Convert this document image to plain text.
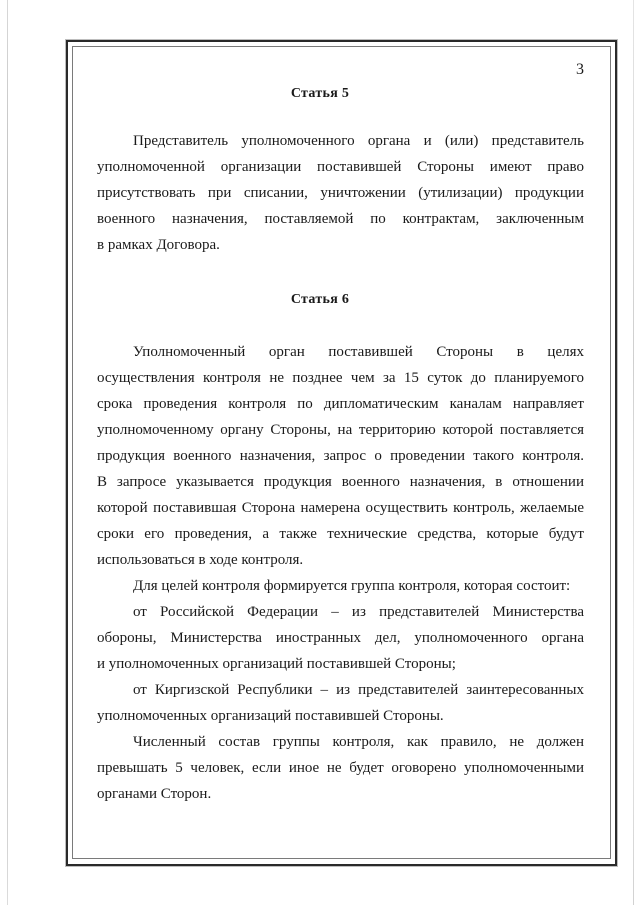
3
Статья 5
Представитель уполномоченного органа и (или) представитель
уполномоченной организации поставившей Стороны имеют право
присутствовать при списании, уничтожении (утилизации) продукции
военного назначения, поставляемой по контрактам, заключенным
в рамках Договора.
Статья 6
Уполномоченный орган поставившей Стороны в целях
осуществления контроля не позднее чем за 15 суток до планируемого
срока проведения контроля по дипломатическим каналам направляет
уполномоченному органу Стороны, на территорию которой поставляется
продукция военного назначения, запрос о проведении такого контроля.
В запросе указывается продукция военного назначения, в отношении
которой поставившая Сторона намерена осуществить контроль, желаемые
сроки его проведения, а также технические средства, которые будут
использоваться в ходе контроля.
Для целей контроля формируется группа контроля, которая состоит:
от Российской Федерации – из представителей Министерства
обороны, Министерства иностранных дел, уполномоченного органа
и уполномоченных организаций поставившей Стороны;
от Киргизской Республики – из представителей заинтересованных
уполномоченных организаций поставившей Стороны.
Численный состав группы контроля, как правило, не должен
превышать 5 человек, если иное не будет оговорено уполномоченными
органами Сторон.
